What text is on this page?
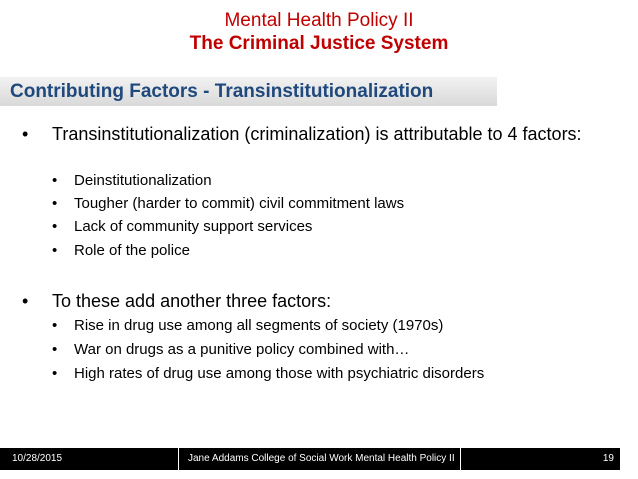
Mental Health Policy II
The Criminal Justice System
Contributing Factors - Transinstitutionalization
• Transinstitutionalization (criminalization) is attributable to 4 factors:
• Deinstitutionalization
• Tougher (harder to commit) civil commitment laws
• Lack of community support services
• Role of the police
• To these add another three factors:
• Rise in drug use among all segments of society (1970s)
• War on drugs as a punitive policy combined with…
• High rates of drug use among those with psychiatric disorders
10/28/2015	Jane Addams College of Social Work Mental Health Policy II	19
